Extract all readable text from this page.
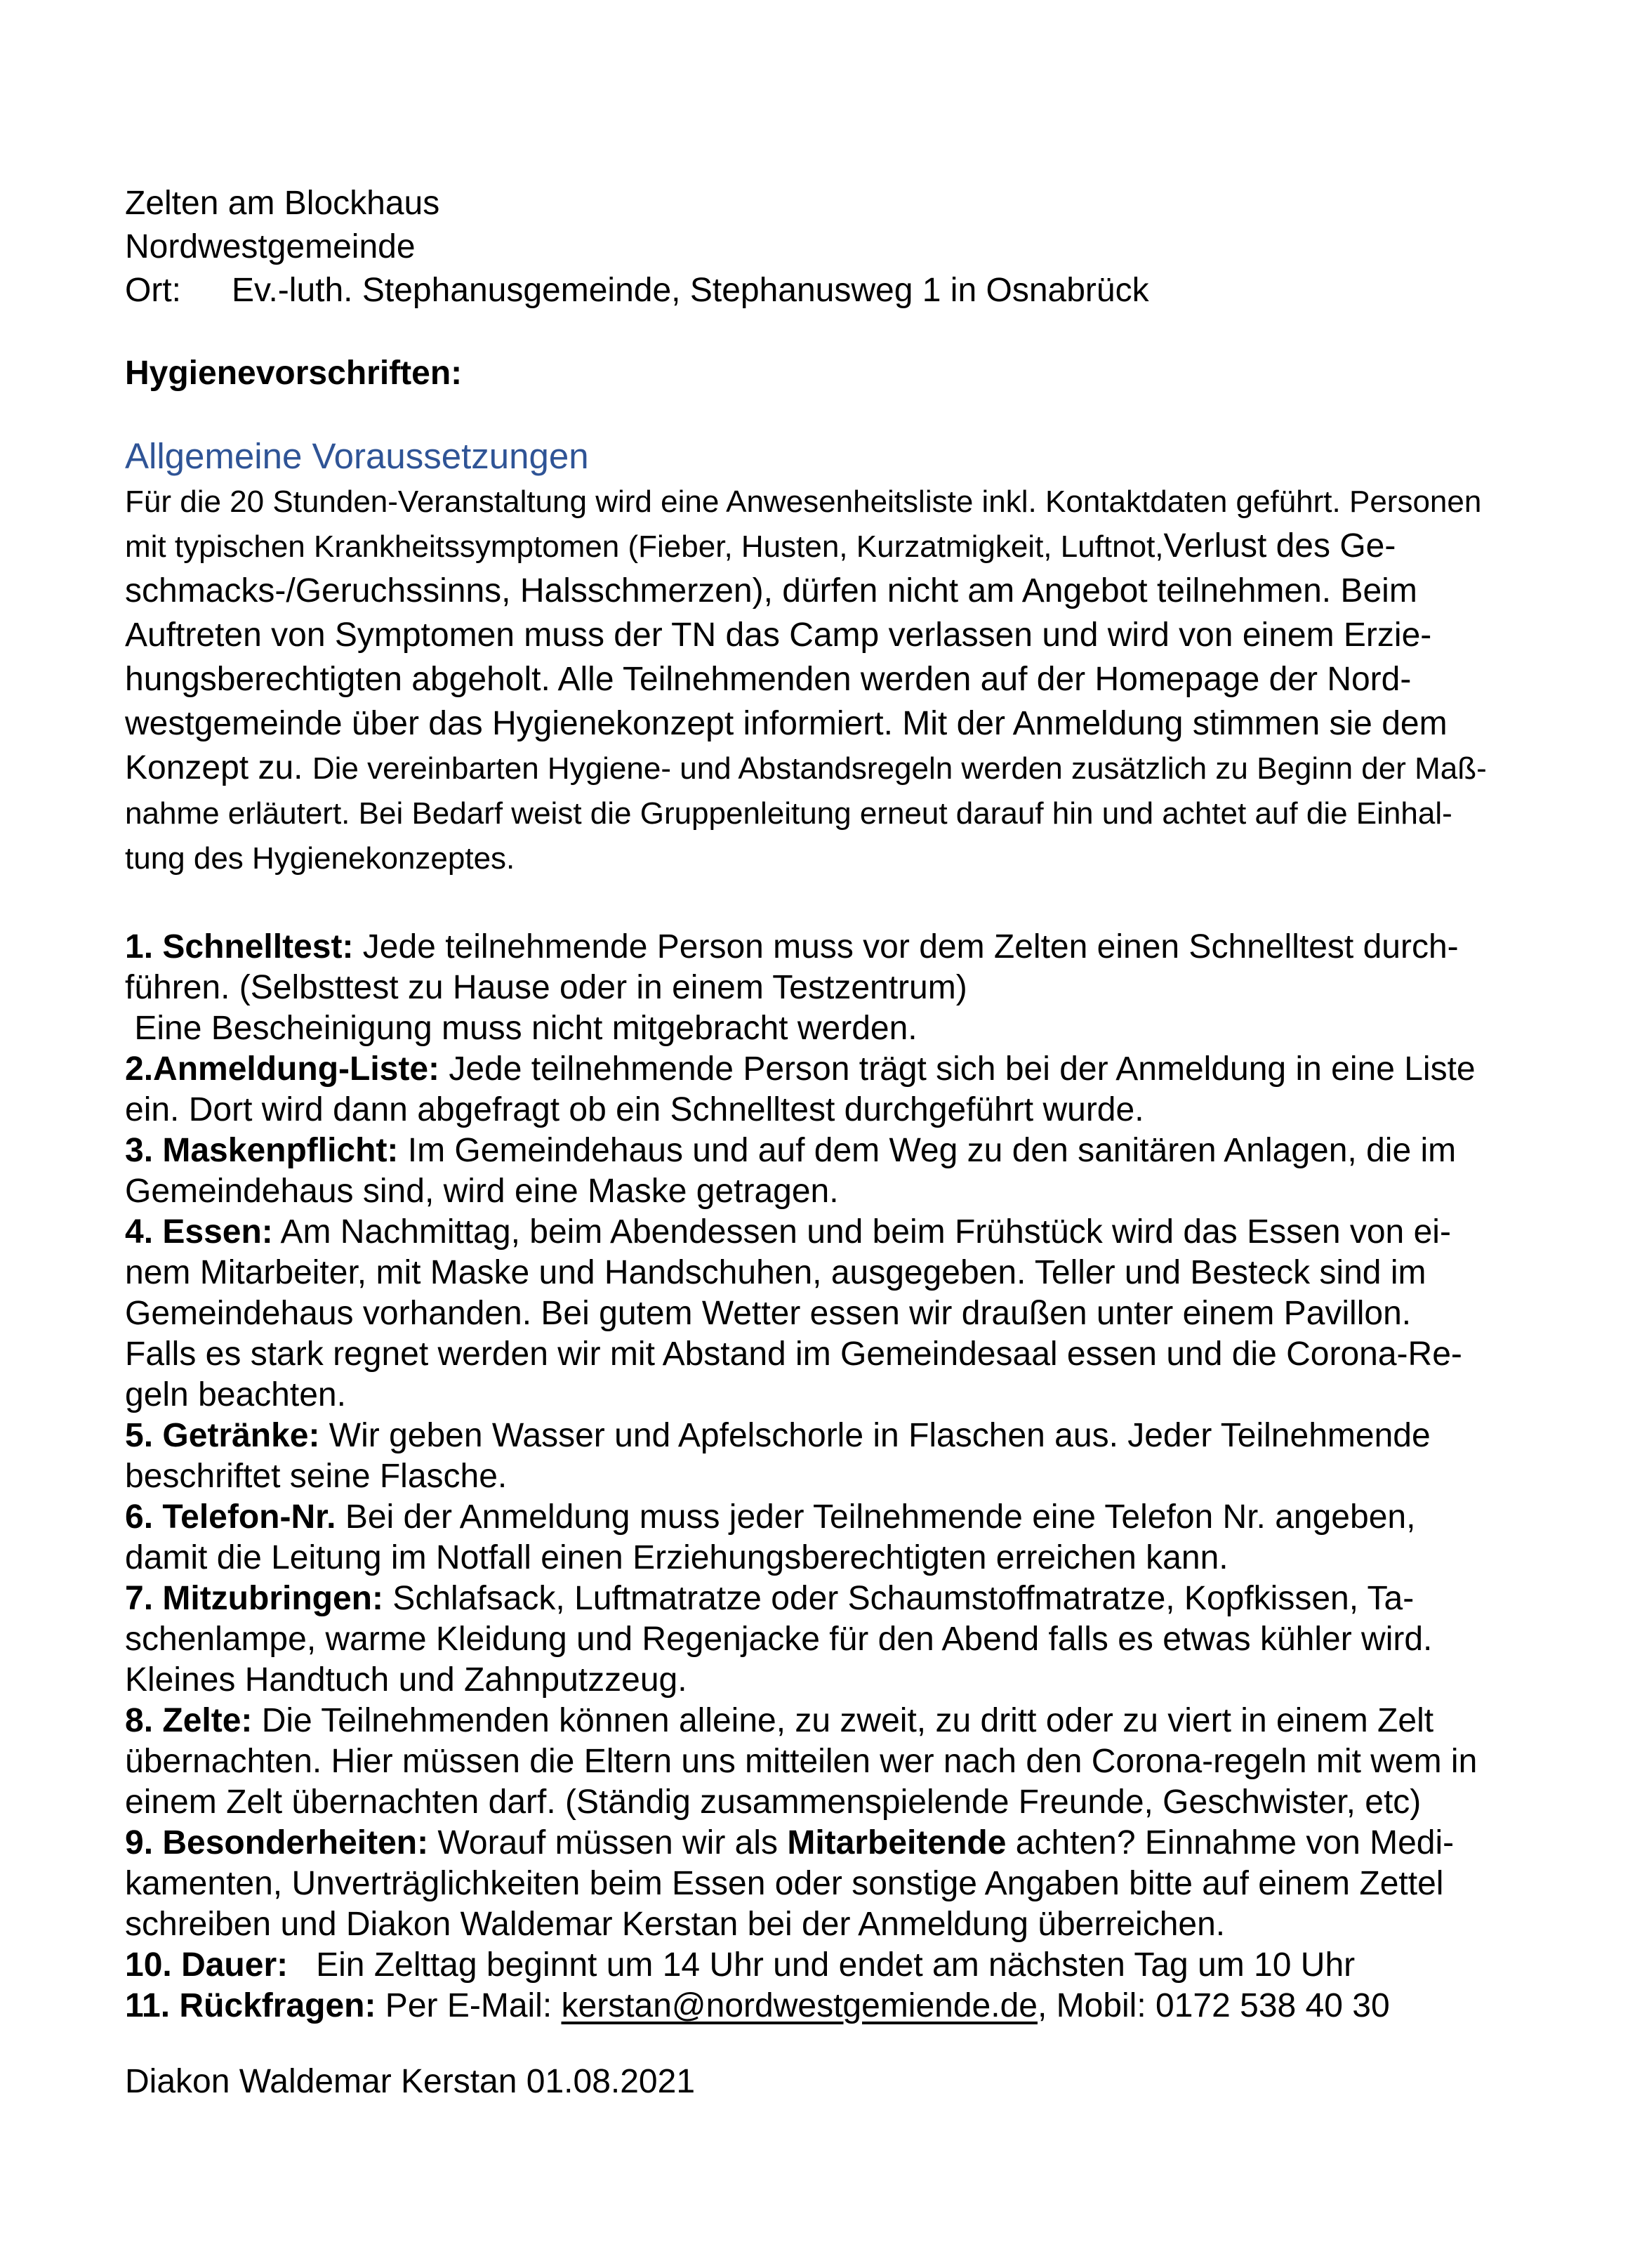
Zelten am Blockhaus
Nordwestgemeinde
Ort: Ev.-luth. Stephanusgemeinde, Stephanusweg 1 in Osnabrück
Hygienevorschriften:
Allgemeine Voraussetzungen
Für die 20 Stunden-Veranstaltung wird eine Anwesenheitsliste inkl. Kontaktdaten geführt. Personen
mit typischen Krankheitssymptomen (Fieber, Husten, Kurzatmigkeit, Luftnot,Verlust des Ge-
schmacks-/Geruchssinns, Halsschmerzen), dürfen nicht am Angebot teilnehmen. Beim
Auftreten von Symptomen muss der TN das Camp verlassen und wird von einem Erzie-
hungsberechtigten abgeholt. Alle Teilnehmenden werden auf der Homepage der Nord-
westgemeinde über das Hygienekonzept informiert. Mit der Anmeldung stimmen sie dem
Konzept zu. Die vereinbarten Hygiene- und Abstandsregeln werden zusätzlich zu Beginn der Maß-
nahme erläutert. Bei Bedarf weist die Gruppenleitung erneut darauf hin und achtet auf die Einhal-
tung des Hygienekonzeptes.
1. Schnelltest: Jede teilnehmende Person muss vor dem Zelten einen Schnelltest durch-
führen. (Selbsttest zu Hause oder in einem Testzentrum)
Eine Bescheinigung muss nicht mitgebracht werden.
2.Anmeldung-Liste: Jede teilnehmende Person trägt sich bei der Anmeldung in eine Liste
ein. Dort wird dann abgefragt ob ein Schnelltest durchgeführt wurde.
3. Maskenpflicht: Im Gemeindehaus und auf dem Weg zu den sanitären Anlagen, die im
Gemeindehaus sind, wird eine Maske getragen.
4. Essen: Am Nachmittag, beim Abendessen und beim Frühstück wird das Essen von ei-
nem Mitarbeiter, mit Maske und Handschuhen, ausgegeben. Teller und Besteck sind im
Gemeindehaus vorhanden. Bei gutem Wetter essen wir draußen unter einem Pavillon.
Falls es stark regnet werden wir mit Abstand im Gemeindesaal essen und die Corona-Re-
geln beachten.
5. Getränke: Wir geben Wasser und Apfelschorle in Flaschen aus. Jeder Teilnehmende
beschriftet seine Flasche.
6. Telefon-Nr. Bei der Anmeldung muss jeder Teilnehmende eine Telefon Nr. angeben,
damit die Leitung im Notfall einen Erziehungsberechtigten erreichen kann.
7. Mitzubringen: Schlafsack, Luftmatratze oder Schaumstoffmatratze, Kopfkissen, Ta-
schenlampe, warme Kleidung und Regenjacke für den Abend falls es etwas kühler wird.
Kleines Handtuch und Zahnputzzeug.
8. Zelte: Die Teilnehmenden können alleine, zu zweit, zu dritt oder zu viert in einem Zelt
übernachten. Hier müssen die Eltern uns mitteilen wer nach den Corona-regeln mit wem in
einem Zelt übernachten darf. (Ständig zusammenspielende Freunde, Geschwister, etc)
9. Besonderheiten: Worauf müssen wir als Mitarbeitende achten? Einnahme von Medi-
kamenten, Unverträglichkeiten beim Essen oder sonstige Angaben bitte auf einem Zettel
schreiben und Diakon Waldemar Kerstan bei der Anmeldung überreichen.
10. Dauer:   Ein Zelttag beginnt um 14 Uhr und endet am nächsten Tag um 10 Uhr
11. Rückfragen: Per E-Mail: kerstan@nordwestgemiende.de, Mobil: 0172 538 40 30
Diakon Waldemar Kerstan 01.08.2021
